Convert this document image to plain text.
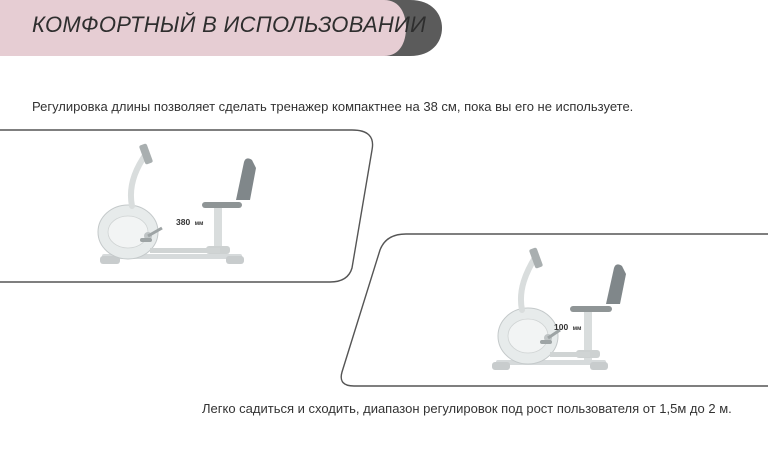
КОМФОРТНЫЙ В ИСПОЛЬЗОВАНИИ
Регулировка длины позволяет сделать тренажер компактнее на 38 см, пока вы его не используете.
380 мм
100 мм
Легко садиться и сходить, диапазон регулировок под рост пользователя от 1,5м до 2 м.
